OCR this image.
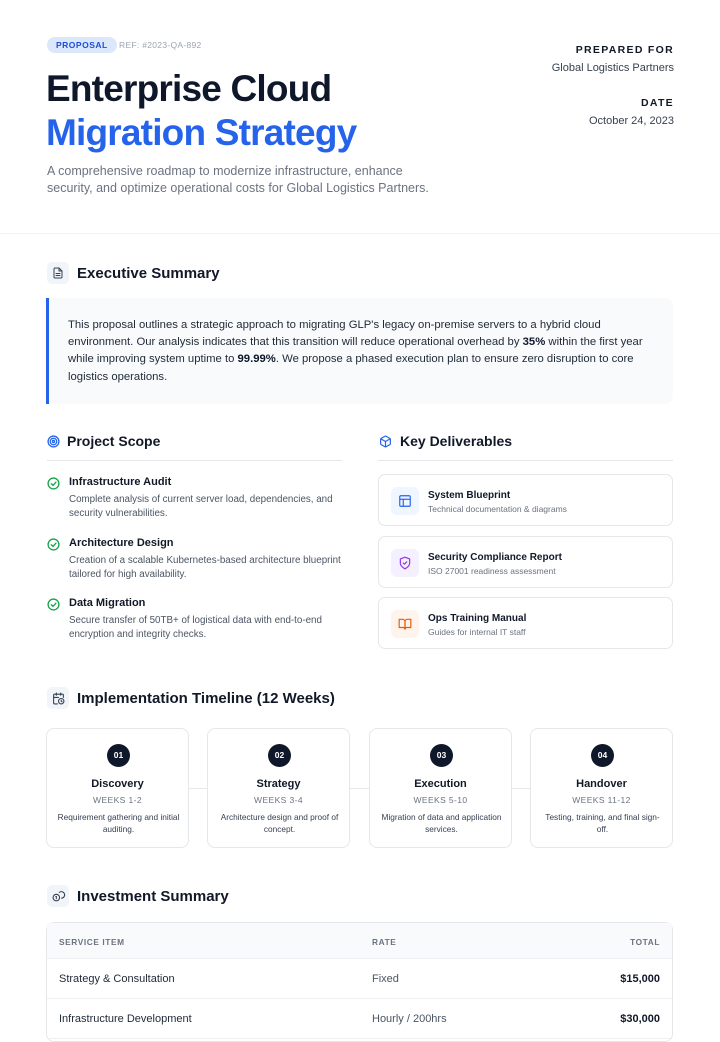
PROPOSAL	REF: #2023-QA-892
Enterprise Cloud
Migration Strategy
A comprehensive roadmap to modernize infrastructure, enhance security, and optimize operational costs for Global Logistics Partners.
PREPARED FOR
Global Logistics Partners
DATE
October 24, 2023
Executive Summary
This proposal outlines a strategic approach to migrating GLP's legacy on-premise servers to a hybrid cloud environment. Our analysis indicates that this transition will reduce operational overhead by 35% within the first year while improving system uptime to 99.99%. We propose a phased execution plan to ensure zero disruption to core logistics operations.
Project Scope
Infrastructure Audit
Complete analysis of current server load, dependencies, and security vulnerabilities.
Architecture Design
Creation of a scalable Kubernetes-based architecture blueprint tailored for high availability.
Data Migration
Secure transfer of 50TB+ of logistical data with end-to-end encryption and integrity checks.
Key Deliverables
System Blueprint
Technical documentation & diagrams
Security Compliance Report
ISO 27001 readiness assessment
Ops Training Manual
Guides for internal IT staff
Implementation Timeline (12 Weeks)
01
Discovery
WEEKS 1-2
Requirement gathering and initial auditing.
02
Strategy
WEEKS 3-4
Architecture design and proof of concept.
03
Execution
WEEKS 5-10
Migration of data and application services.
04
Handover
WEEKS 11-12
Testing, training, and final sign-off.
Investment Summary
SERVICE ITEM	RATE	TOTAL
Strategy & Consultation	Fixed	$15,000
Infrastructure Development	Hourly / 200hrs	$30,000
